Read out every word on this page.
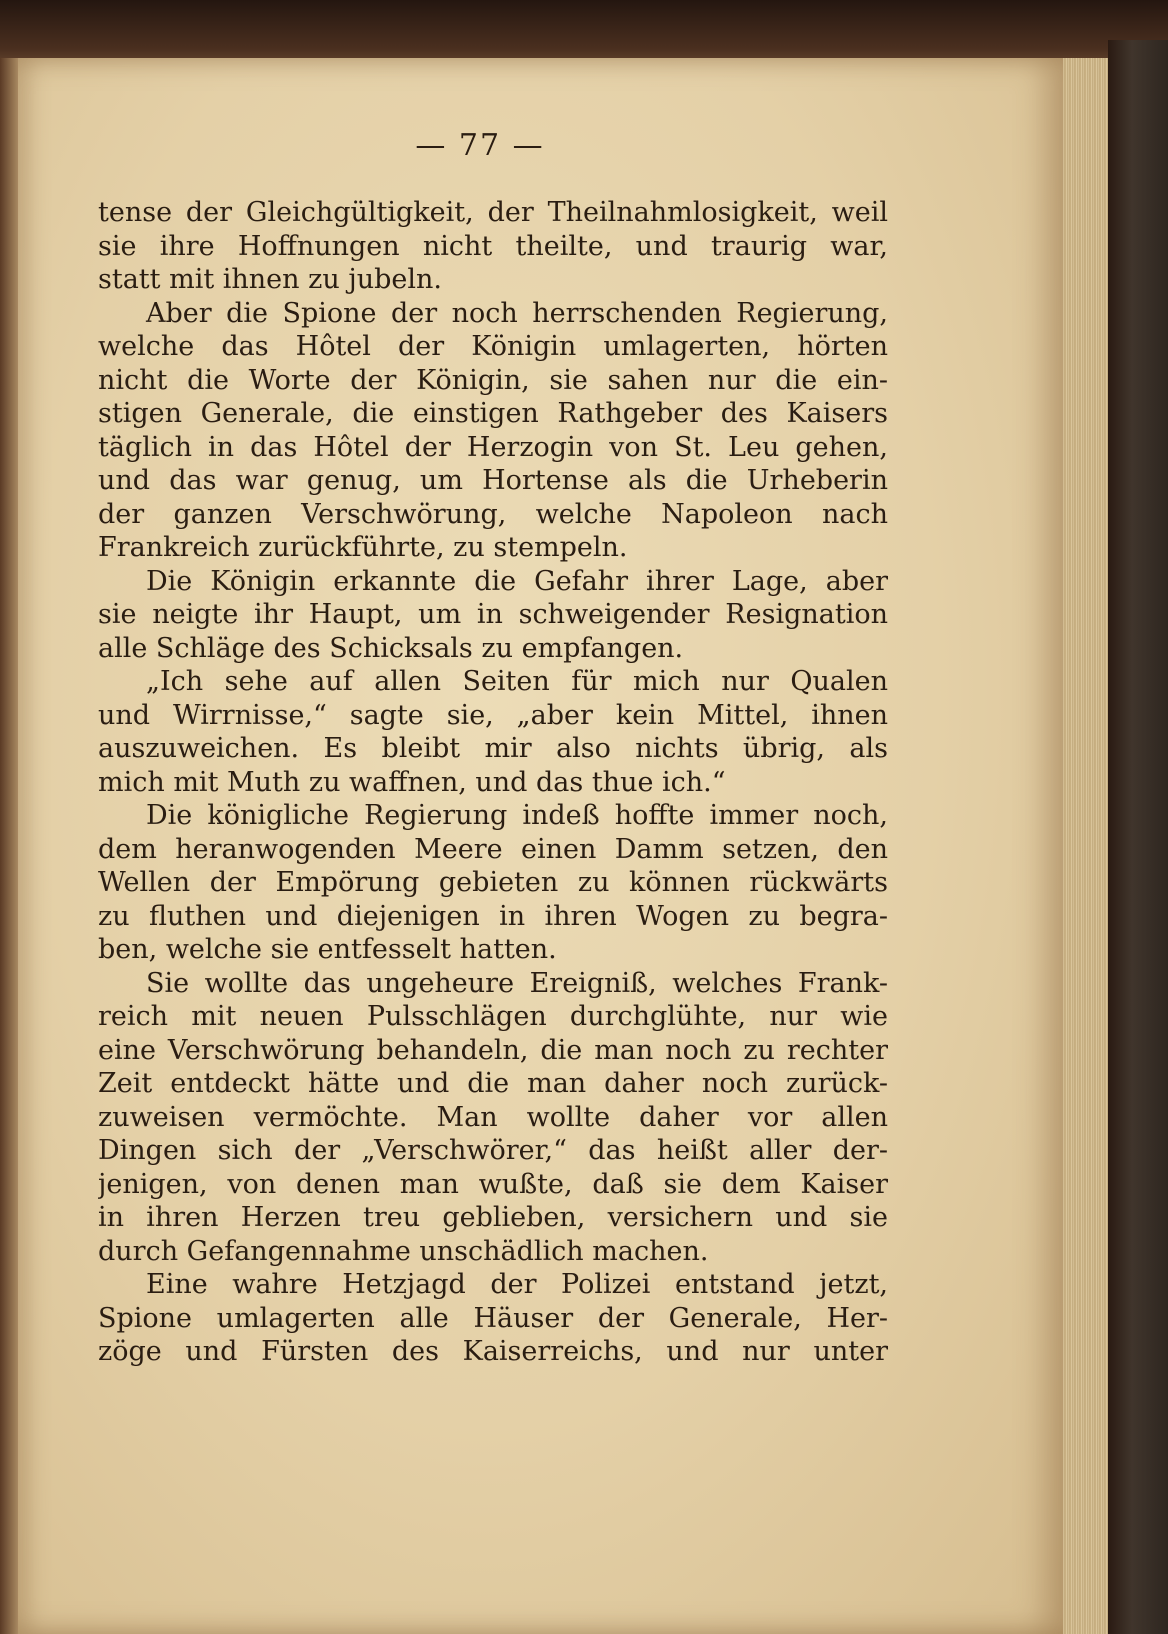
— 77 —
tense der Gleichgültigkeit, der Theilnahmlosigkeit, weil
sie ihre Hoffnungen nicht theilte, und traurig war,
statt mit ihnen zu jubeln.
Aber die Spione der noch herrschenden Regierung,
welche das Hôtel der Königin umlagerten, hörten
nicht die Worte der Königin, sie sahen nur die ein-
stigen Generale, die einstigen Rathgeber des Kaisers
täglich in das Hôtel der Herzogin von St. Leu gehen,
und das war genug, um Hortense als die Urheberin
der ganzen Verschwörung, welche Napoleon nach
Frankreich zurückführte, zu stempeln.
Die Königin erkannte die Gefahr ihrer Lage, aber
sie neigte ihr Haupt, um in schweigender Resignation
alle Schläge des Schicksals zu empfangen.
„Ich sehe auf allen Seiten für mich nur Qualen
und Wirrnisse,“ sagte sie, „aber kein Mittel, ihnen
auszuweichen. Es bleibt mir also nichts übrig, als
mich mit Muth zu waffnen, und das thue ich.“
Die königliche Regierung indeß hoffte immer noch,
dem heranwogenden Meere einen Damm setzen, den
Wellen der Empörung gebieten zu können rückwärts
zu fluthen und diejenigen in ihren Wogen zu begra-
ben, welche sie entfesselt hatten.
Sie wollte das ungeheure Ereigniß, welches Frank-
reich mit neuen Pulsschlägen durchglühte, nur wie
eine Verschwörung behandeln, die man noch zu rechter
Zeit entdeckt hätte und die man daher noch zurück-
zuweisen vermöchte. Man wollte daher vor allen
Dingen sich der „Verschwörer,“ das heißt aller der-
jenigen, von denen man wußte, daß sie dem Kaiser
in ihren Herzen treu geblieben, versichern und sie
durch Gefangennahme unschädlich machen.
Eine wahre Hetzjagd der Polizei entstand jetzt,
Spione umlagerten alle Häuser der Generale, Her-
zöge und Fürsten des Kaiserreichs, und nur unter
